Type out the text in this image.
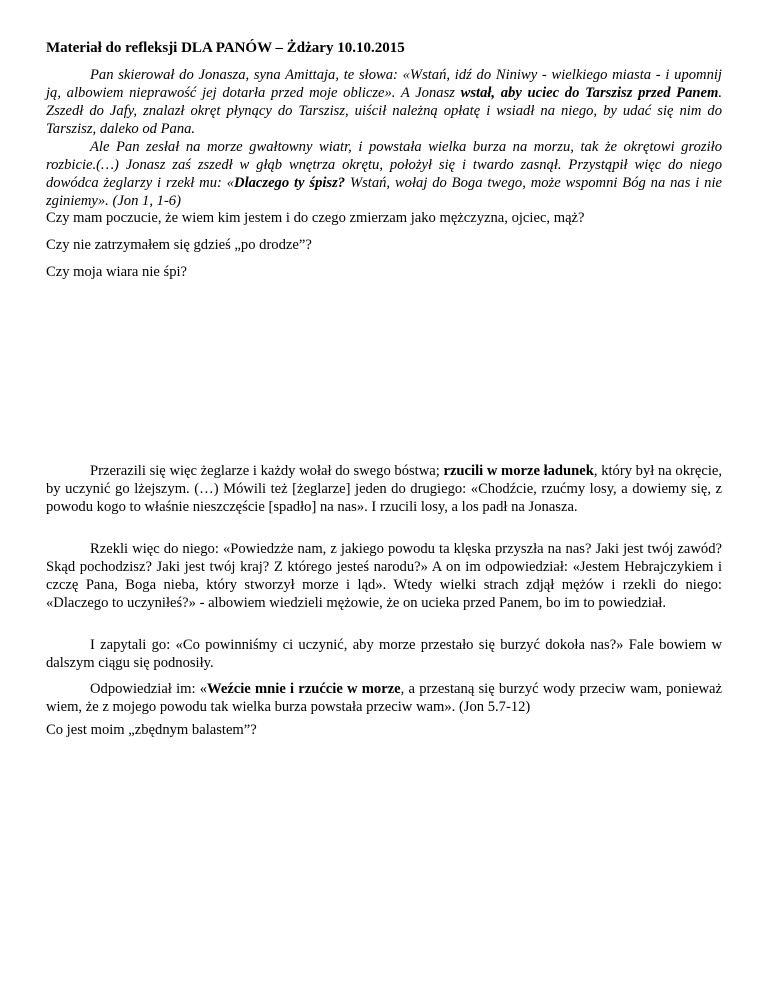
Materiał do refleksji DLA PANÓW – Żdżary 10.10.2015

Pan skierował do Jonasza, syna Amittaja, te słowa: «Wstań, idź do Niniwy - wielkiego miasta - i upomnij ją, albowiem nieprawość jej dotarła przed moje oblicze». A Jonasz wstał, aby uciec do Tarszisz przed Panem. Zszedł do Jafy, znalazł okręt płynący do Tarszisz, uiścił należną opłatę i wsiadł na niego, by udać się nim do Tarszisz, daleko od Pana.

Ale Pan zesłał na morze gwałtowny wiatr, i powstała wielka burza na morzu, tak że okrętowi groziło rozbicie.(…) Jonasz zaś zszedł w głąb wnętrza okrętu, położył się i twardo zasnął. Przystąpił więc do niego dowódca żeglarzy i rzekł mu: «Dlaczego ty śpisz? Wstań, wołaj do Boga twego, może wspomni Bóg na nas i nie zginiemy». (Jon 1, 1-6)

Czy mam poczucie, że wiem kim jestem i do czego zmierzam jako mężczyzna, ojciec, mąż?
Czy nie zatrzymałem się gdzieś „po drodze”?
Czy moja wiara nie śpi?

Przerazili się więc żeglarze i każdy wołał do swego bóstwa; rzucili w morze ładunek, który był na okręcie, by uczynić go lżejszym. (…) Mówili też [żeglarze] jeden do drugiego: «Chodźcie, rzućmy losy, a dowiemy się, z powodu kogo to właśnie nieszczęście [spadło] na nas». I rzucili losy, a los padł na Jonasza.

Rzekli więc do niego: «Powiedzże nam, z jakiego powodu ta klęska przyszła na nas? Jaki jest twój zawód? Skąd pochodzisz? Jaki jest twój kraj? Z którego jesteś narodu?» A on im odpowiedział: «Jestem Hebrajczykiem i czczę Pana, Boga nieba, który stworzył morze i ląd». Wtedy wielki strach zdjął mężów i rzekli do niego: «Dlaczego to uczyniłeś?» - albowiem wiedzieli mężowie, że on ucieka przed Panem, bo im to powiedział.

I zapytali go: «Co powinniśmy ci uczynić, aby morze przestało się burzyć dokoła nas?» Fale bowiem w dalszym ciągu się podnosiły.

Odpowiedział im: «Weźcie mnie i rzućcie w morze, a przestaną się burzyć wody przeciw wam, ponieważ wiem, że z mojego powodu tak wielka burza powstała przeciw wam». (Jon 5.7-12)

Co jest moim „zbędnym balastem”?
